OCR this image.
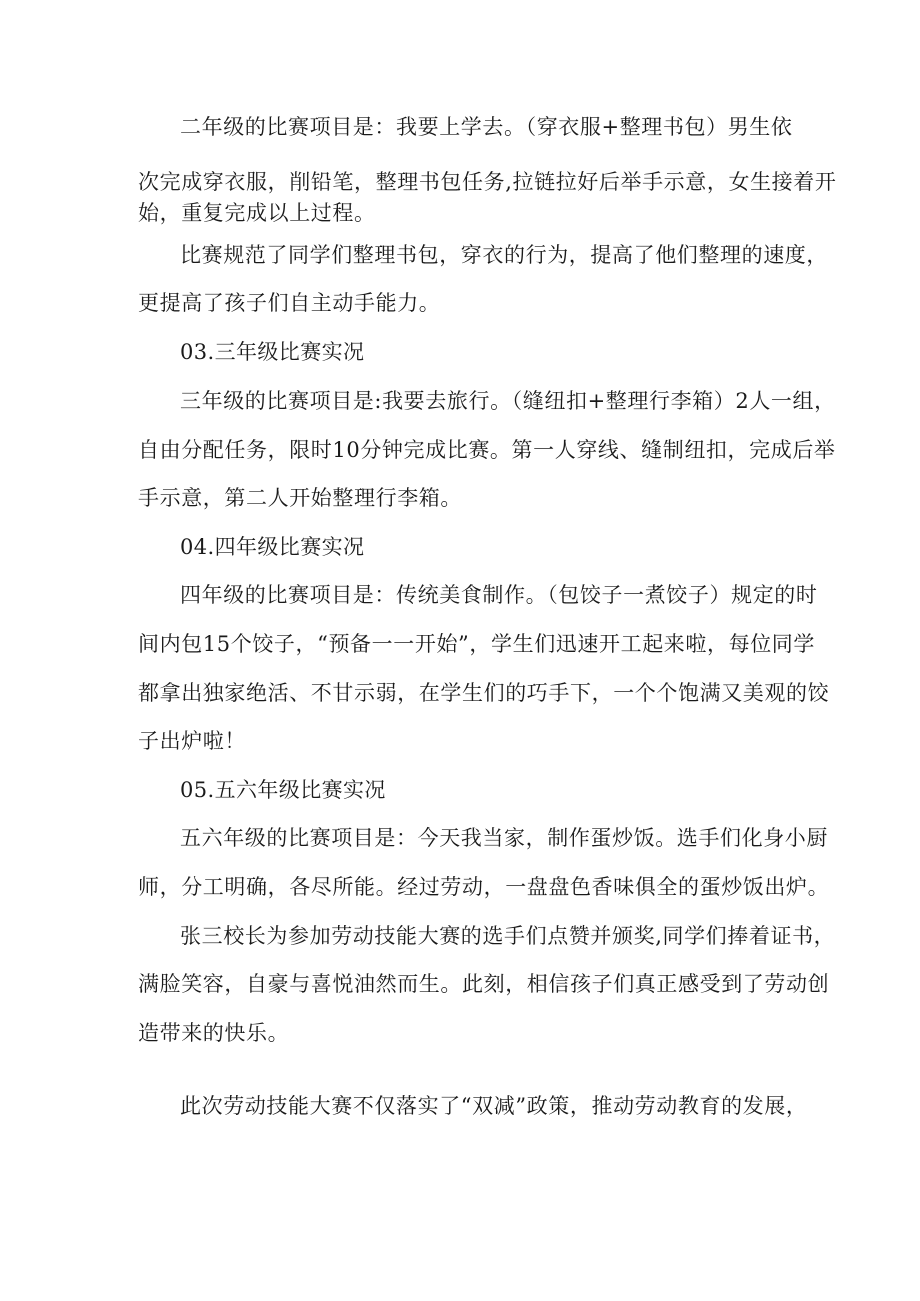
二年级的比赛项目是：我要上学去。（穿衣服+整理书包）男生依
次完成穿衣服，削铅笔，整理书包任务,拉链拉好后举手示意，女生接着开
始，重复完成以上过程。
比赛规范了同学们整理书包，穿衣的行为，提高了他们整理的速度，
更提高了孩子们自主动手能力。
03.三年级比赛实况
三年级的比赛项目是:我要去旅行。（缝纽扣+整理行李箱）2人一组，
自由分配任务，限时10分钟完成比赛。第一人穿线、缝制纽扣，完成后举
手示意，第二人开始整理行李箱。
04.四年级比赛实况
四年级的比赛项目是：传统美食制作。（包饺子一煮饺子）规定的时
间内包15个饺子，“预备一一开始”，学生们迅速开工起来啦，每位同学
都拿出独家绝活、不甘示弱，在学生们的巧手下，一个个饱满又美观的饺
子出炉啦！
05.五六年级比赛实况
五六年级的比赛项目是：今天我当家，制作蛋炒饭。选手们化身小厨
师，分工明确，各尽所能。经过劳动，一盘盘色香味俱全的蛋炒饭出炉。
张三校长为参加劳动技能大赛的选手们点赞并颁奖,同学们捧着证书，
满脸笑容，自豪与喜悦油然而生。此刻，相信孩子们真正感受到了劳动创
造带来的快乐。
此次劳动技能大赛不仅落实了“双减”政策，推动劳动教育的发展，
